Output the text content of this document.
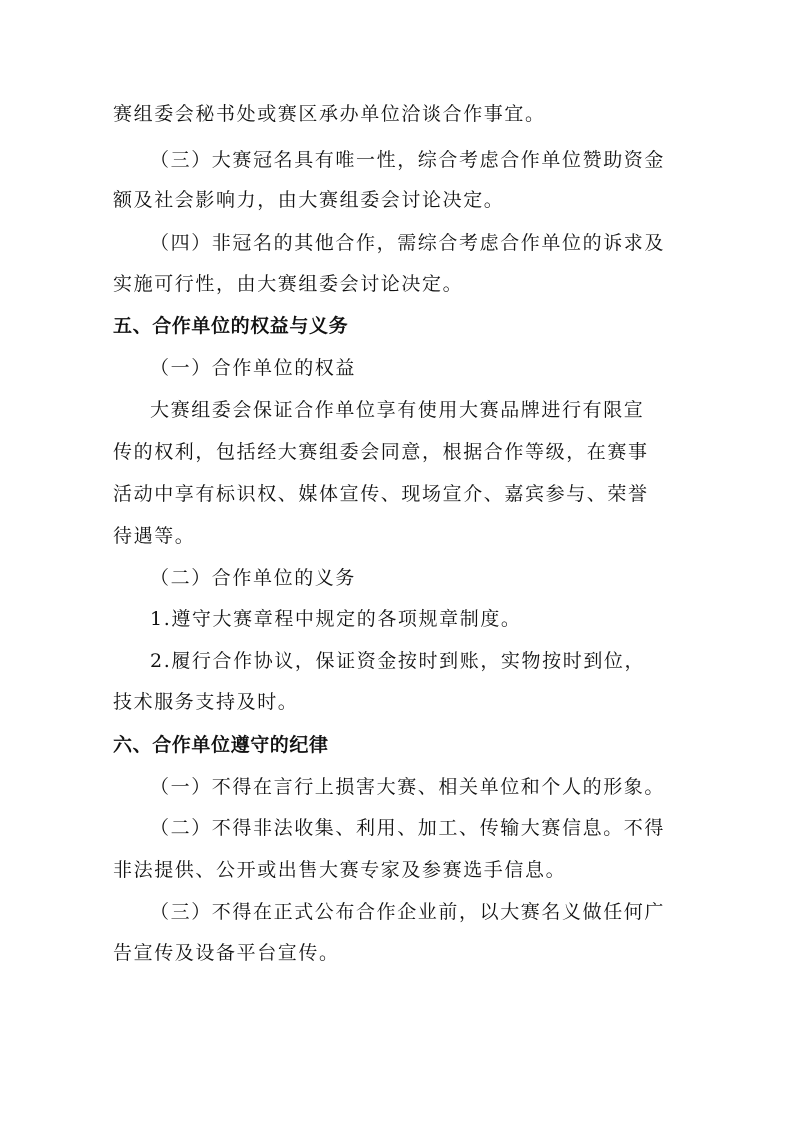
赛组委会秘书处或赛区承办单位洽谈合作事宜。
（三）大赛冠名具有唯一性，综合考虑合作单位赞助资金
额及社会影响力，由大赛组委会讨论决定。
（四）非冠名的其他合作，需综合考虑合作单位的诉求及
实施可行性，由大赛组委会讨论决定。
五、合作单位的权益与义务
（一）合作单位的权益
大赛组委会保证合作单位享有使用大赛品牌进行有限宣
传的权利，包括经大赛组委会同意，根据合作等级，在赛事
活动中享有标识权、媒体宣传、现场宣介、嘉宾参与、荣誉
待遇等。
（二）合作单位的义务
1.遵守大赛章程中规定的各项规章制度。
2.履行合作协议，保证资金按时到账，实物按时到位，
技术服务支持及时。
六、合作单位遵守的纪律
（一）不得在言行上损害大赛、相关单位和个人的形象。
（二）不得非法收集、利用、加工、传输大赛信息。不得
非法提供、公开或出售大赛专家及参赛选手信息。
（三）不得在正式公布合作企业前，以大赛名义做任何广
告宣传及设备平台宣传。
